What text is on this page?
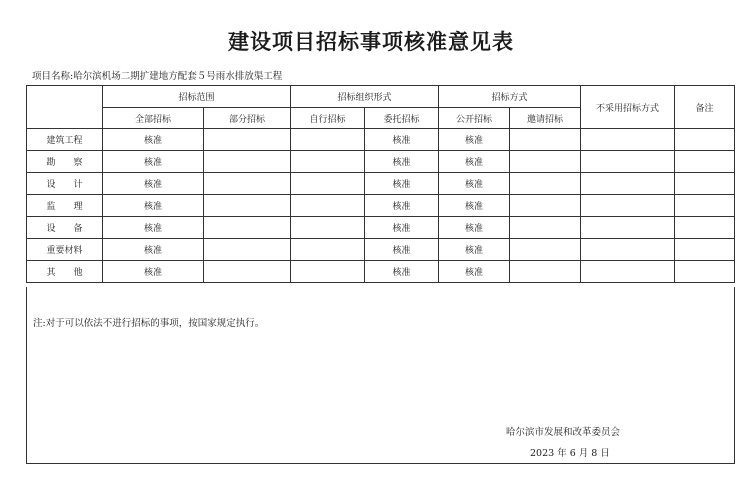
建设项目招标事项核准意见表
项目名称:哈尔滨机场二期扩建地方配套５号雨水排放渠工程
	招标范围		招标组织形式		招标方式		不采用招标方式	备注
	全部招标	部分招标	自行招标	委托招标	公开招标	邀请招标		
建筑工程	核准			核准	核准			
勘　　察	核准			核准	核准			
设　　计	核准			核准	核准			
监　　理	核准			核准	核准			
设　　备	核准			核准	核准			
重要材料	核准			核准	核准			
其　　他	核准			核准	核准			
注:对于可以依法不进行招标的事项，按国家规定执行。
哈尔滨市发展和改革委员会
2023 年 6 月 8 日
